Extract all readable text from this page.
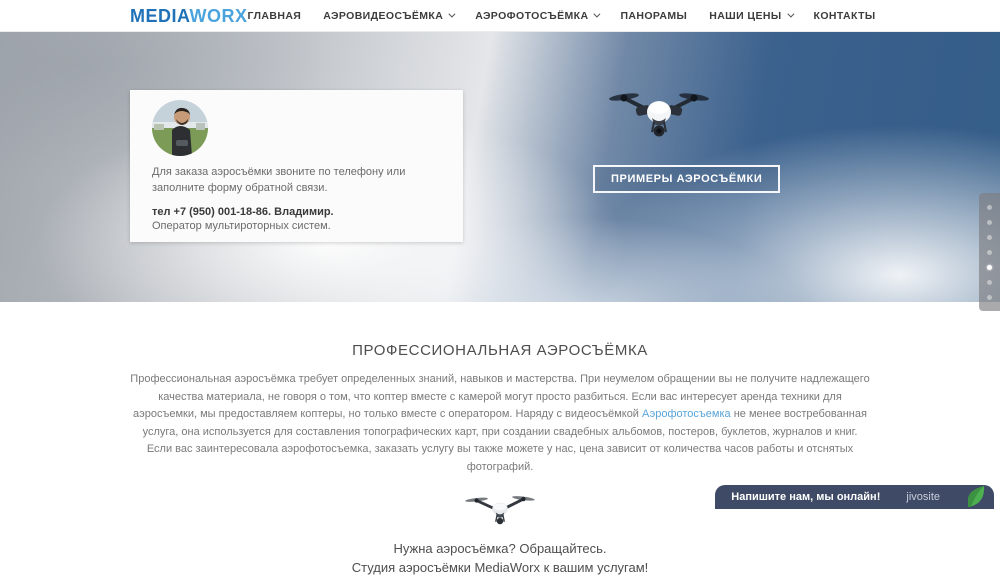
MEDIAWORX ГЛАВНАЯ АЭРОВИДЕОСЪЁМКА	АЭРОФОТОСЪЁМКА	ПАНОРАМЫ НАШИ ЦЕНЫ	КОНТАКТЫ
Для заказа аэросъёмки звоните по телефону или заполните форму обратной связи.
тел +7 (950) 001-18-86. Владимир.
Оператор мультироторных систем.
ПРИМЕРЫ АЭРОСЪЁМКИ
ПРОФЕССИОНАЛЬНАЯ АЭРОСЪЁМКА

Профессиональная аэросъёмка требует определенных знаний, навыков и мастерства. При неумелом обращении вы не получите надлежащего качества материала, не говоря о том, что коптер вместе с камерой могут просто разбиться. Если вас интересует аренда техники для аэросъемки, мы предоставляем коптеры, но только вместе с оператором. Наряду с видеосъёмкой Аэрофотосъемка не менее востребованная услуга, она используется для составления топографических карт, при создании свадебных альбомов, постеров, буклетов, журналов и книг. Если вас заинтересовала аэрофотосъемка, заказать услугу вы также можете у нас, цена зависит от количества часов работы и отснятых фотографий.

Нужна аэросъёмка? Обращайтесь.
Студия аэросъёмки MediaWorx к вашим услугам!
Напишите нам, мы онлайн! jivosite
